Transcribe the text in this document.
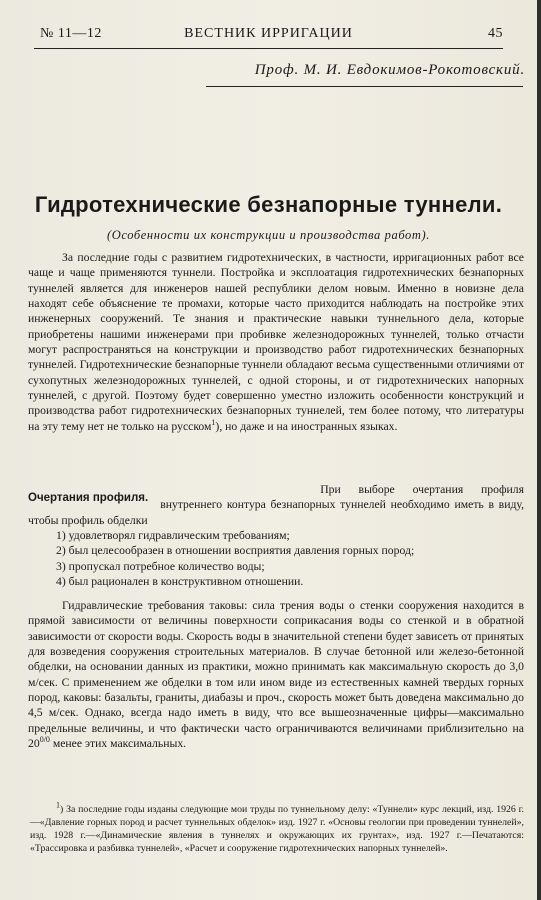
№ 11—12	ВЕСТНИК ИРРИГАЦИИ	45
Проф. М. И. Евдокимов-Рокотовский.
Гидротехнические безнапорные туннели.
(Особенности их конструкции и производства работ).
За последние годы с развитием гидротехнических, в частности, ирригационных работ все чаще и чаще применяются туннели. Постройка и эксплоатация гидротехнических безнапорных туннелей является для инженеров нашей республики делом новым. Именно в новизне дела находят себе объяснение те промахи, которые часто приходится наблюдать на постройке этих инженерных сооружений. Те знания и практические навыки туннельного дела, которые приобретены нашими инженерами при пробивке железнодорожных туннелей, только отчасти могут распространяться на конструкции и производство работ гидротехнических безнапорных туннелей. Гидротехнические безнапорные туннели обладают весьма существенными отличиями от сухопутных железнодорожных туннелей, с одной стороны, и от гидротехнических напорных туннелей, с другой. Поэтому будет совершенно уместно изложить особенности конструкций и производства работ гидротехнических безнапорных туннелей, тем более потому, что литературы на эту тему нет не только на русском$^1$), но даже и на иностранных языках.
Очертания профиля.
При выборе очертания профиля внутреннего контура безнапорных туннелей необходимо иметь в виду, чтобы профиль обделки
1) удовлетворял гидравлическим требованиям;
2) был целесообразен в отношении восприятия давления горных пород;
3) пропускал потребное количество воды;
4) был рационален в конструктивном отношении.
Гидравлические требования таковы: сила трения воды о стенки сооружения находится в прямой зависимости от величины поверхности соприкасания воды со стенкой и в обратной зависимости от скорости воды. Скорость воды в значительной степени будет зависеть от принятых для возведения сооружения строительных материалов. В случае бетонной или железо-бетонной обделки, на основании данных из практики, можно принимать как максимальную скорость до 3,0 м/сек. С применением же обделки в том или ином виде из естественных камней твердых горных пород, каковы: базальты, граниты, диабазы и проч., скорость может быть доведена максимально до 4,5 м/сек. Однако, всегда надо иметь в виду, что все вышеозначенные цифры—максимально предельные величины, и что фактически часто ограничиваются величинами приблизительно на $20^{0/0}$ менее этих максимальных.
$^1$) За последние годы изданы следующие мои труды по туннельному делу: «Туннели» курс лекций, изд. 1926 г.—«Давление горных пород и расчет туннельных обделок» изд. 1927 г. «Основы геологии при проведении туннелей», изд. 1928 г.—«Динамические явления в туннелях и окружающих их грунтах», изд. 1927 г.—Печатаются: «Трассировка и разбивка туннелей», «Расчет и сооружение гидротехнических напорных туннелей».
